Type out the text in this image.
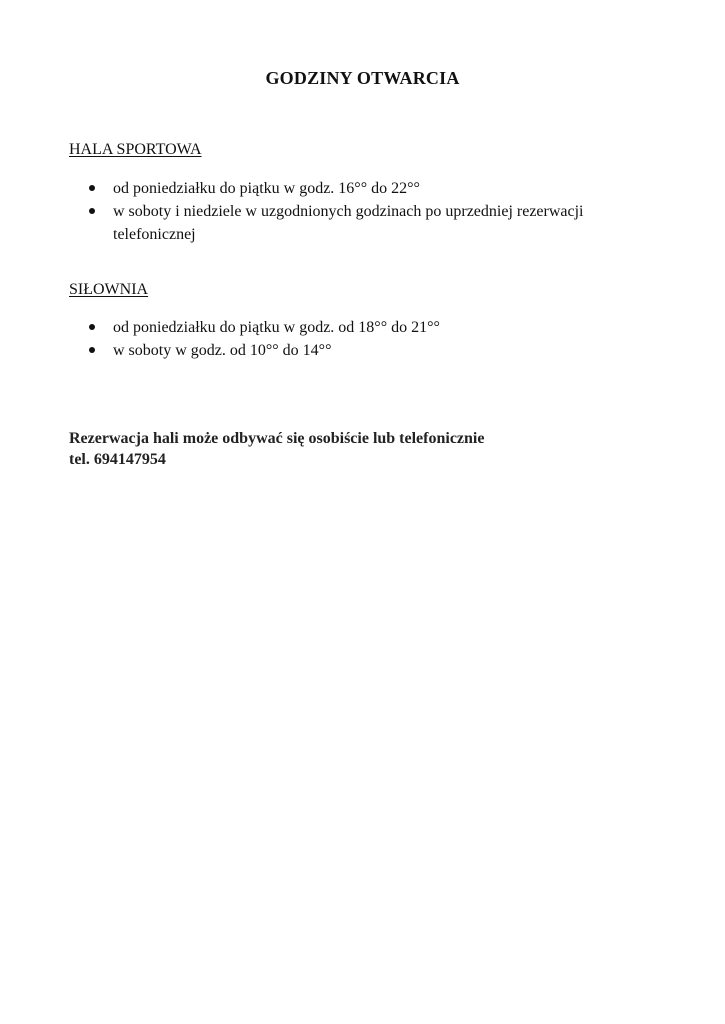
GODZINY OTWARCIA
HALA SPORTOWA
od poniedziałku do piątku w godz. 16°° do 22°°
w soboty i niedziele w uzgodnionych godzinach po uprzedniej rezerwacji telefonicznej
SIŁOWNIA
od poniedziałku do piątku w godz. od 18°° do 21°°
w soboty w godz. od 10°° do 14°°
Rezerwacja hali może odbywać się osobiście lub telefonicznie
tel. 694147954
